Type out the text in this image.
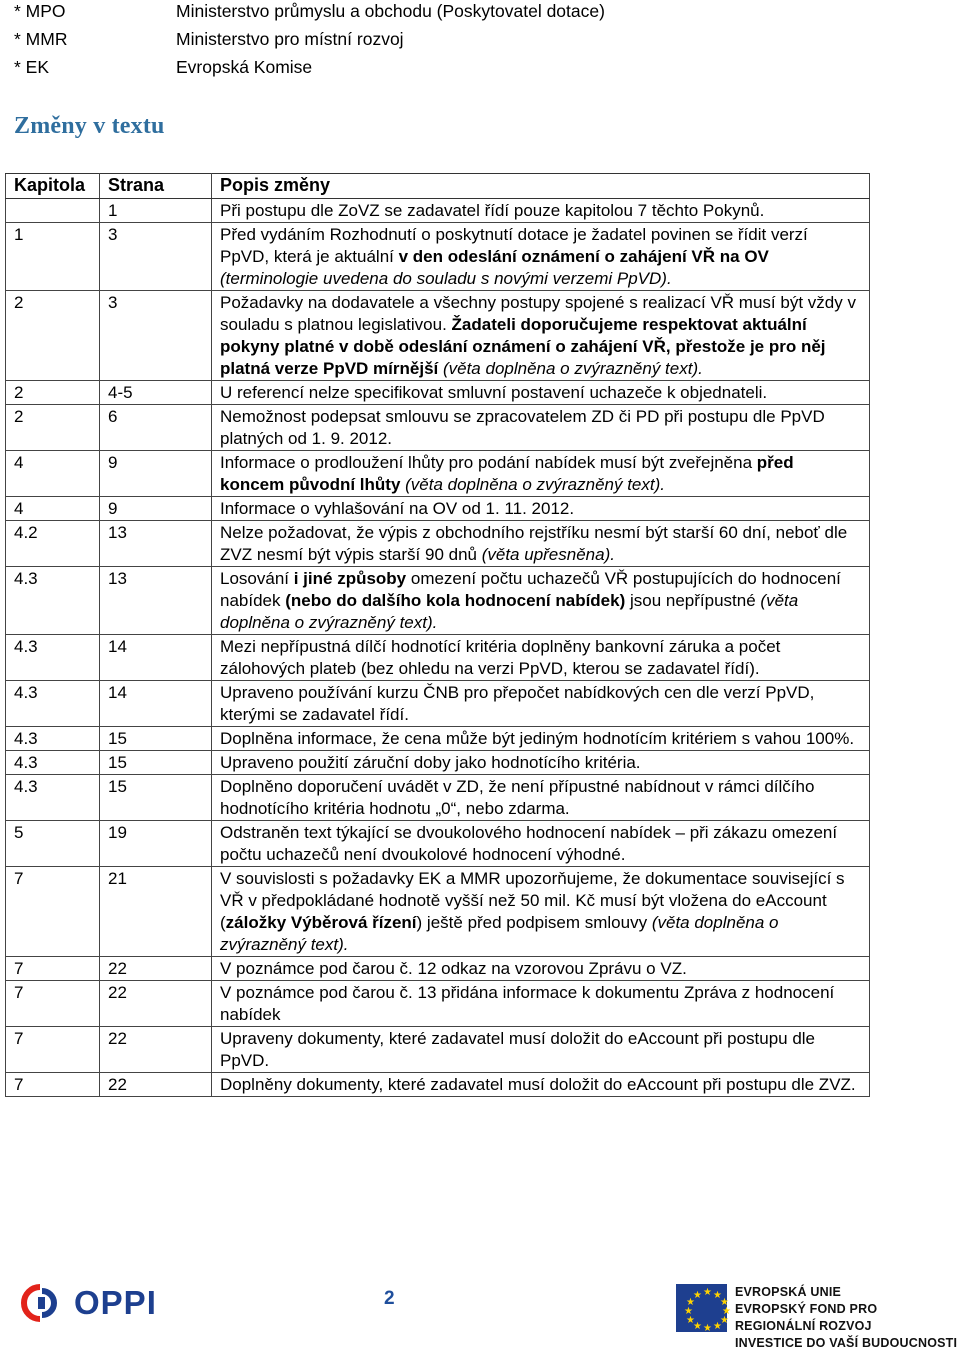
* MPO	Ministerstvo průmyslu a obchodu (Poskytovatel dotace)
* MMR	Ministerstvo pro místní rozvoj
* EK	Evropská Komise
Změny v textu
Kapitola	Strana	Popis změny
	1	Při postupu dle ZoVZ se zadavatel řídí pouze kapitolou 7 těchto Pokynů.
1	3	Před vydáním Rozhodnutí o poskytnutí dotace je žadatel povinen se řídit verzí PpVD, která je aktuální v den odeslání oznámení o zahájení VŘ na OV (terminologie uvedena do souladu s novými verzemi PpVD).
2	3	Požadavky na dodavatele a všechny postupy spojené s realizací VŘ musí být vždy v souladu s platnou legislativou. Žadateli doporučujeme respektovat aktuální pokyny platné v době odeslání oznámení o zahájení VŘ, přestože je pro něj platná verze PpVD mírnější (věta doplněna o zvýrazněný text).
2	4-5	U referencí nelze specifikovat smluvní postavení uchazeče k objednateli.
2	6	Nemožnost podepsat smlouvu se zpracovatelem ZD či PD při postupu dle PpVD platných od 1. 9. 2012.
4	9	Informace o prodloužení lhůty pro podání nabídek musí být zveřejněna před koncem původní lhůty (věta doplněna o zvýrazněný text).
4	9	Informace o vyhlašování na OV od 1. 11. 2012.
4.2	13	Nelze požadovat, že výpis z obchodního rejstříku nesmí být starší 60 dní, neboť dle ZVZ nesmí být výpis starší 90 dnů (věta upřesněna).
4.3	13	Losování i jiné způsoby omezení počtu uchazečů VŘ postupujících do hodnocení nabídek (nebo do dalšího kola hodnocení nabídek) jsou nepřípustné (věta doplněna o zvýrazněný text).
4.3	14	Mezi nepřípustná dílčí hodnotící kritéria doplněny bankovní záruka a počet zálohových plateb (bez ohledu na verzi PpVD, kterou se zadavatel řídí).
4.3	14	Upraveno používání kurzu ČNB pro přepočet nabídkových cen dle verzí PpVD, kterými se zadavatel řídí.
4.3	15	Doplněna informace, že cena může být jediným hodnotícím kritériem s vahou 100%.
4.3	15	Upraveno použití záruční doby jako hodnotícího kritéria.
4.3	15	Doplněno doporučení uvádět v ZD, že není přípustné nabídnout v rámci dílčího hodnotícího kritéria hodnotu „0“, nebo zdarma.
5	19	Odstraněn text týkající se dvoukolového hodnocení nabídek – při zákazu omezení počtu uchazečů není dvoukolové hodnocení výhodné.
7	21	V souvislosti s požadavky EK a MMR upozorňujeme, že dokumentace související s VŘ v předpokládané hodnotě vyšší než 50 mil. Kč musí být vložena do eAccount (záložky Výběrová řízení) ještě před podpisem smlouvy (věta doplněna o zvýrazněný text).
7	22	V poznámce pod čarou č. 12 odkaz na vzorovou Zprávu o VZ.
7	22	V poznámce pod čarou č. 13 přidána informace k dokumentu Zpráva z hodnocení nabídek
7	22	Upraveny dokumenty, které zadavatel musí doložit do eAccount při postupu dle PpVD.
7	22	Doplněny dokumenty, které zadavatel musí doložit do eAccount při postupu dle ZVZ.
OPPI	2	★ ★
★
★
★
★
★
★
★
★
★
★	EVROPSKÁ UNIE
EVROPSKÝ FOND PRO REGIONÁLNÍ ROZVOJ
INVESTICE DO VAŠÍ BUDOUCNOSTI
